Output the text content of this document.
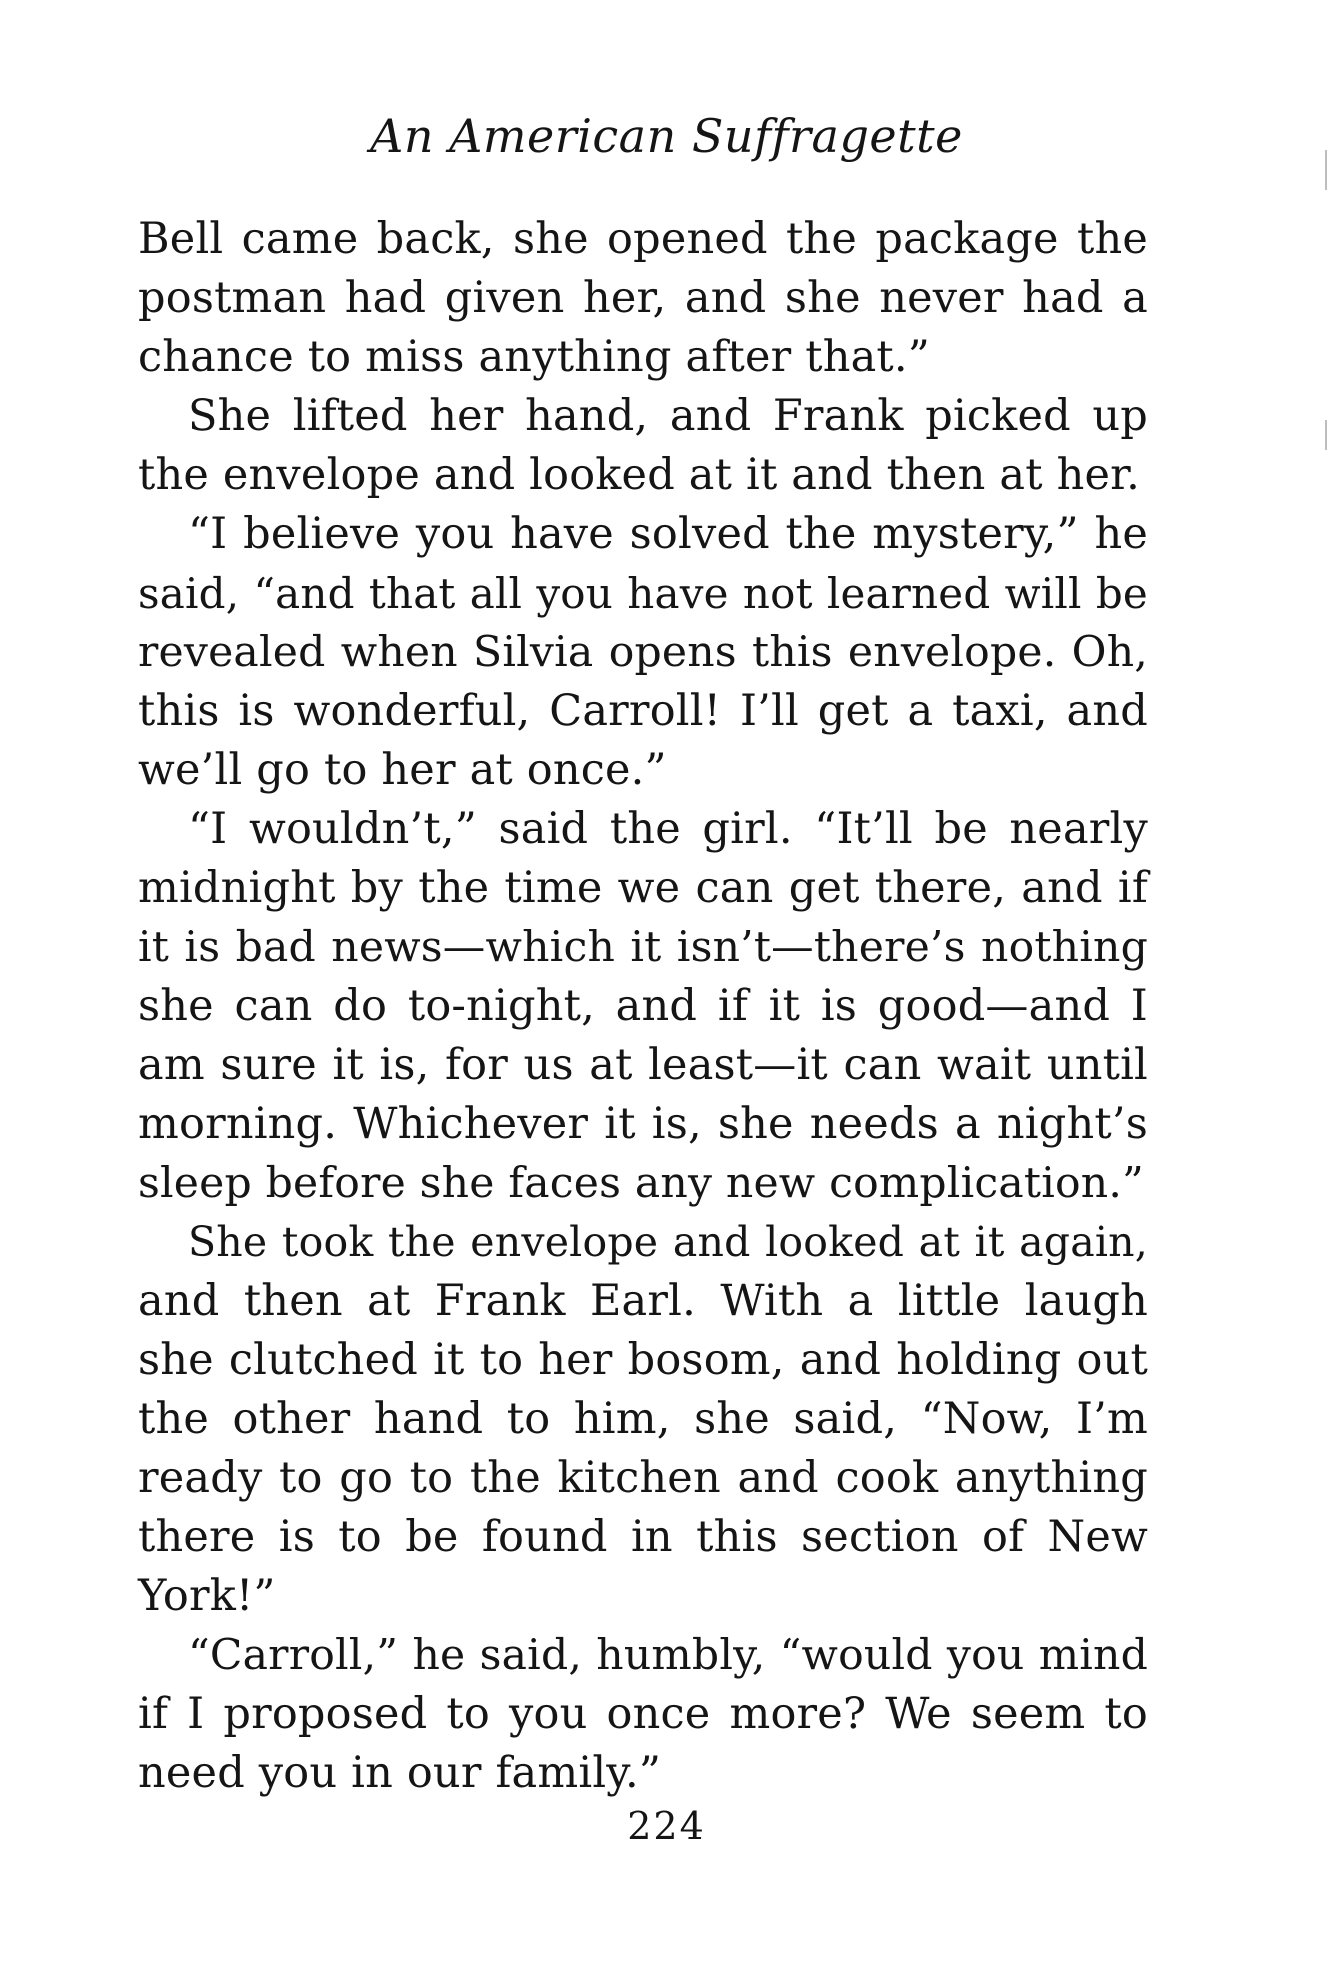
An American Suffragette
Bell came back, she opened the package the
postman had given her, and she never had a
chance to miss anything after that.”
She lifted her hand, and Frank picked up
the envelope and looked at it and then at her.
“I believe you have solved the mystery,” he
said, “and that all you have not learned will be
revealed when Silvia opens this envelope. Oh,
this is wonderful, Carroll! I’ll get a taxi, and
we’ll go to her at once.”
“I wouldn’t,” said the girl. “It’ll be nearly
midnight by the time we can get there, and if
it is bad news—which it isn’t—there’s nothing
she can do to-night, and if it is good—and I
am sure it is, for us at least—it can wait until
morning. Whichever it is, she needs a night’s
sleep before she faces any new complication.”
She took the envelope and looked at it again,
and then at Frank Earl. With a little laugh
she clutched it to her bosom, and holding out
the other hand to him, she said, “Now, I’m
ready to go to the kitchen and cook anything
there is to be found in this section of New
York!”
“Carroll,” he said, humbly, “would you mind
if I proposed to you once more? We seem to
need you in our family.”
224
